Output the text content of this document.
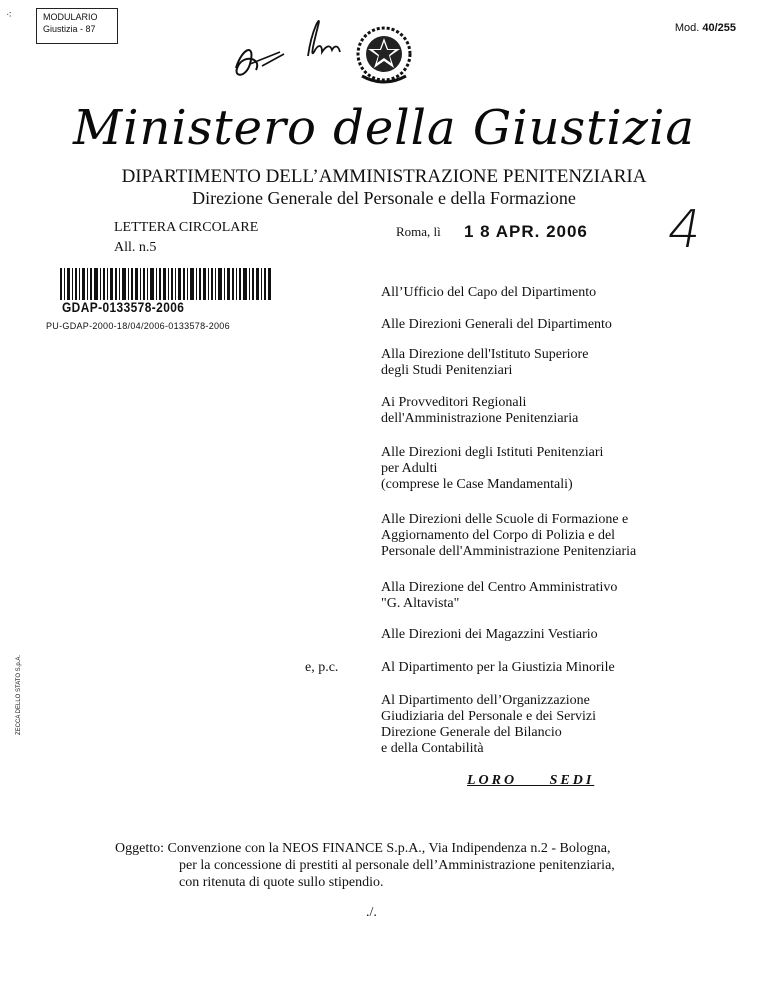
MODULARIO
Giustizia - 87
⁖
Mod. 40/255
Ministero della Giustizia
DIPARTIMENTO DELL’AMMINISTRAZIONE PENITENZIARIA
Direzione Generale del Personale e della Formazione
LETTERA CIRCOLARE
All. n.5
Roma, lì 1 8 APR. 2006 4
GDAP-0133578-2006
PU-GDAP-2000-18/04/2006-0133578-2006
All’Ufficio del Capo del Dipartimento
Alle Direzioni Generali del Dipartimento
Alla Direzione dell'Istituto Superiore
degli Studi Penitenziari
Ai Provveditori Regionali
dell'Amministrazione Penitenziaria
Alle Direzioni degli Istituti Penitenziari
per Adulti
(comprese le Case Mandamentali)
Alle Direzioni delle Scuole di Formazione e
Aggiornamento del Corpo di Polizia e del
Personale dell'Amministrazione Penitenziaria
Alla Direzione del Centro Amministrativo
"G. Altavista"
Alle Direzioni dei Magazzini Vestiario
e, p.c.	Al Dipartimento per la Giustizia Minorile
Al Dipartimento dell’Organizzazione
Giudiziaria del Personale e dei Servizi
Direzione Generale del Bilancio
e della Contabilità
LORO SEDI
Oggetto: Convenzione con la NEOS FINANCE S.p.A., Via Indipendenza n.2 - Bologna,
per la concessione di prestiti al personale dell’Amministrazione penitenziaria,
con ritenuta di quote sullo stipendio.
./.
ZECCA DELLO STATO S.p.A.
